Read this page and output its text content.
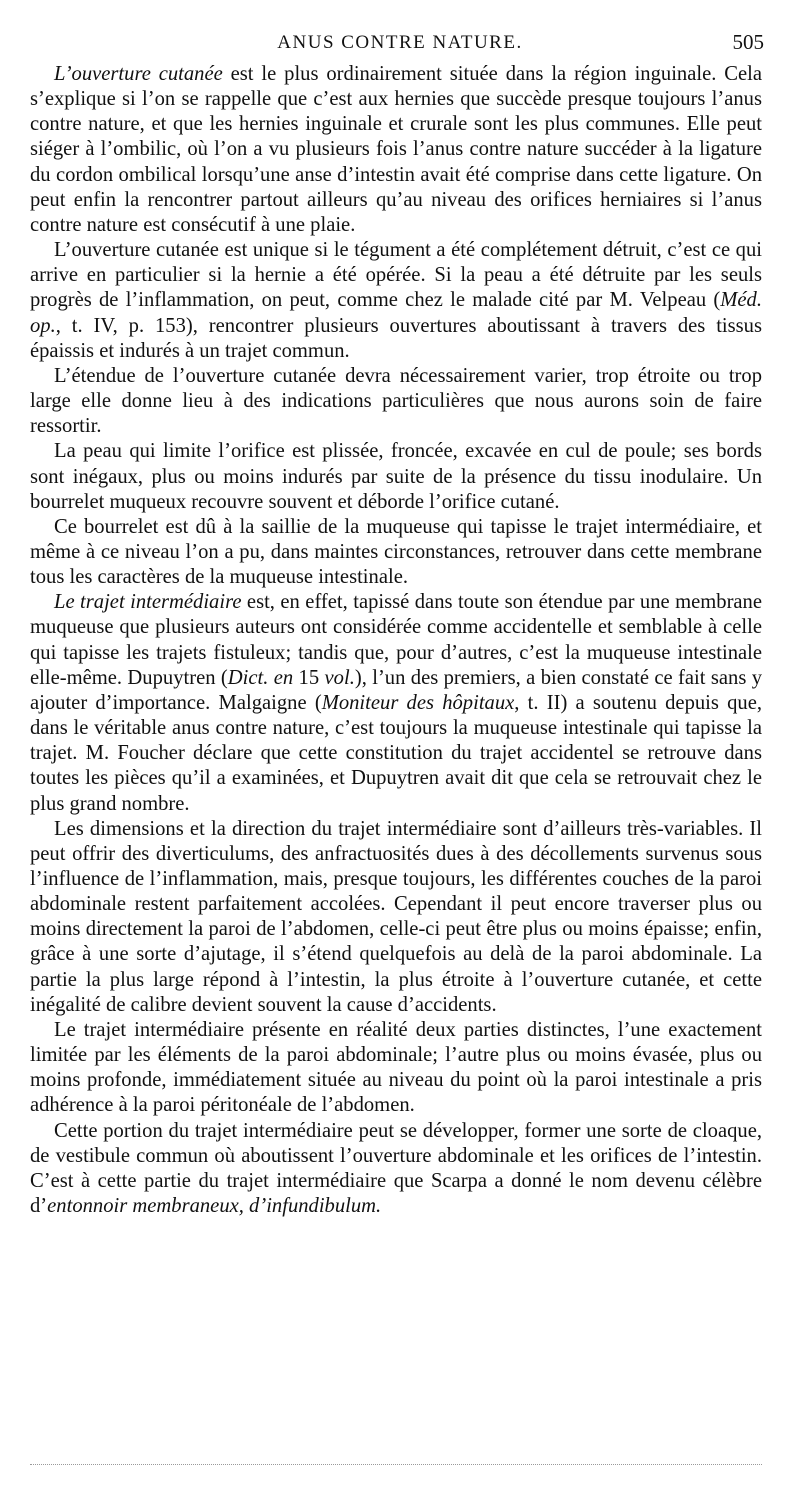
ANUS CONTRE NATURE.	505

L’ouverture cutanée est le plus ordinairement située dans la région inguinale. Cela s’explique si l’on se rappelle que c’est aux hernies que succède presque toujours l’anus contre nature, et que les hernies inguinale et crurale sont les plus communes. Elle peut siéger à l’ombilic, où l’on a vu plusieurs fois l’anus contre nature succéder à la ligature du cordon ombilical lorsqu’une anse d’intestin avait été comprise dans cette ligature. On peut enfin la rencontrer partout ailleurs qu’au niveau des orifices herniaires si l’anus contre nature est consécutif à une plaie.

L’ouverture cutanée est unique si le tégument a été complétement détruit, c’est ce qui arrive en particulier si la hernie a été opérée. Si la peau a été détruite par les seuls progrès de l’inflammation, on peut, comme chez le malade cité par M. Velpeau (Méd. op., t. IV, p. 153), rencontrer plusieurs ouvertures aboutissant à travers des tissus épaissis et indurés à un trajet commun.

L’étendue de l’ouverture cutanée devra nécessairement varier, trop étroite ou trop large elle donne lieu à des indications particulières que nous aurons soin de faire ressortir.

La peau qui limite l’orifice est plissée, froncée, excavée en cul de poule; ses bords sont inégaux, plus ou moins indurés par suite de la présence du tissu inodulaire. Un bourrelet muqueux recouvre souvent et déborde l’orifice cutané.

Ce bourrelet est dû à la saillie de la muqueuse qui tapisse le trajet intermédiaire, et même à ce niveau l’on a pu, dans maintes circonstances, retrouver dans cette membrane tous les caractères de la muqueuse intestinale.

Le trajet intermédiaire est, en effet, tapissé dans toute son étendue par une membrane muqueuse que plusieurs auteurs ont considérée comme accidentelle et semblable à celle qui tapisse les trajets fistuleux; tandis que, pour d’autres, c’est la muqueuse intestinale elle-même. Dupuytren (Dict. en 15 vol.), l’un des premiers, a bien constaté ce fait sans y ajouter d’importance. Malgaigne (Moniteur des hôpitaux, t. II) a soutenu depuis que, dans le véritable anus contre nature, c’est toujours la muqueuse intestinale qui tapisse la trajet. M. Foucher déclare que cette constitution du trajet accidentel se retrouve dans toutes les pièces qu’il a examinées, et Dupuytren avait dit que cela se retrouvait chez le plus grand nombre.

Les dimensions et la direction du trajet intermédiaire sont d’ailleurs très-variables. Il peut offrir des diverticulums, des anfractuosités dues à des décollements survenus sous l’influence de l’inflammation, mais, presque toujours, les différentes couches de la paroi abdominale restent parfaitement accolées. Cependant il peut encore traverser plus ou moins directement la paroi de l’abdomen, celle-ci peut être plus ou moins épaisse; enfin, grâce à une sorte d’ajutage, il s’étend quelquefois au delà de la paroi abdominale. La partie la plus large répond à l’intestin, la plus étroite à l’ouverture cutanée, et cette inégalité de calibre devient souvent la cause d’accidents.

Le trajet intermédiaire présente en réalité deux parties distinctes, l’une exactement limitée par les éléments de la paroi abdominale; l’autre plus ou moins évasée, plus ou moins profonde, immédiatement située au niveau du point où la paroi intestinale a pris adhérence à la paroi péritonéale de l’abdomen.

Cette portion du trajet intermédiaire peut se développer, former une sorte de cloaque, de vestibule commun où aboutissent l’ouverture abdominale et les orifices de l’intestin. C’est à cette partie du trajet intermédiaire que Scarpa a donné le nom devenu célèbre d’entonnoir membraneux, d’infundibulum.
